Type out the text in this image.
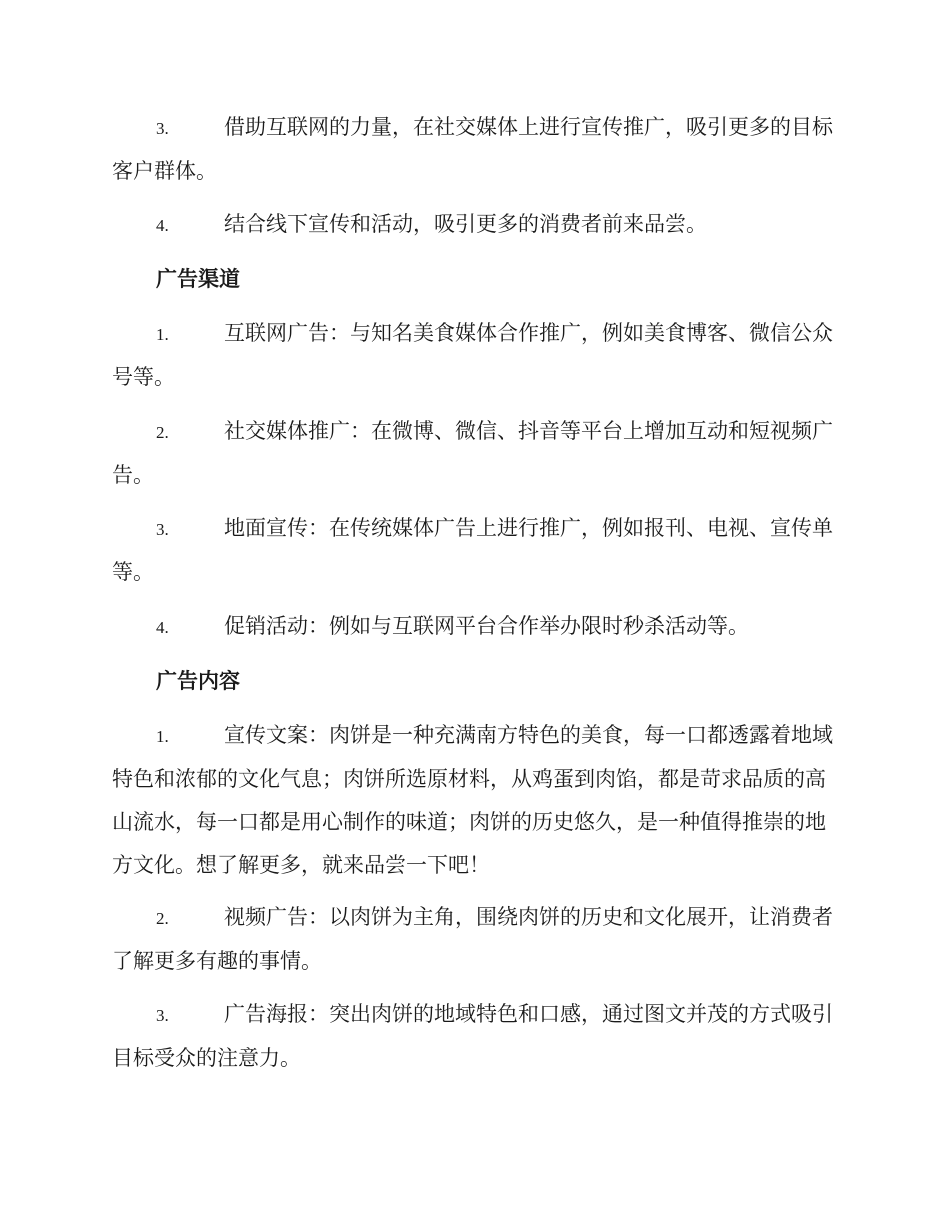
3.	借助互联网的力量，在社交媒体上进行宣传推广，吸引更多的目标客户群体。
4.	结合线下宣传和活动，吸引更多的消费者前来品尝。
广告渠道
1.	互联网广告：与知名美食媒体合作推广，例如美食博客、微信公众号等。
2.	社交媒体推广：在微博、微信、抖音等平台上增加互动和短视频广告。
3.	地面宣传：在传统媒体广告上进行推广，例如报刊、电视、宣传单等。
4.	促销活动：例如与互联网平台合作举办限时秒杀活动等。
广告内容
1.	宣传文案：肉饼是一种充满南方特色的美食，每一口都透露着地域特色和浓郁的文化气息；肉饼所选原材料，从鸡蛋到肉馅，都是苛求品质的高山流水，每一口都是用心制作的味道；肉饼的历史悠久，是一种值得推崇的地方文化。想了解更多，就来品尝一下吧！
2.	视频广告：以肉饼为主角，围绕肉饼的历史和文化展开，让消费者了解更多有趣的事情。
3.	广告海报：突出肉饼的地域特色和口感，通过图文并茂的方式吸引目标受众的注意力。
